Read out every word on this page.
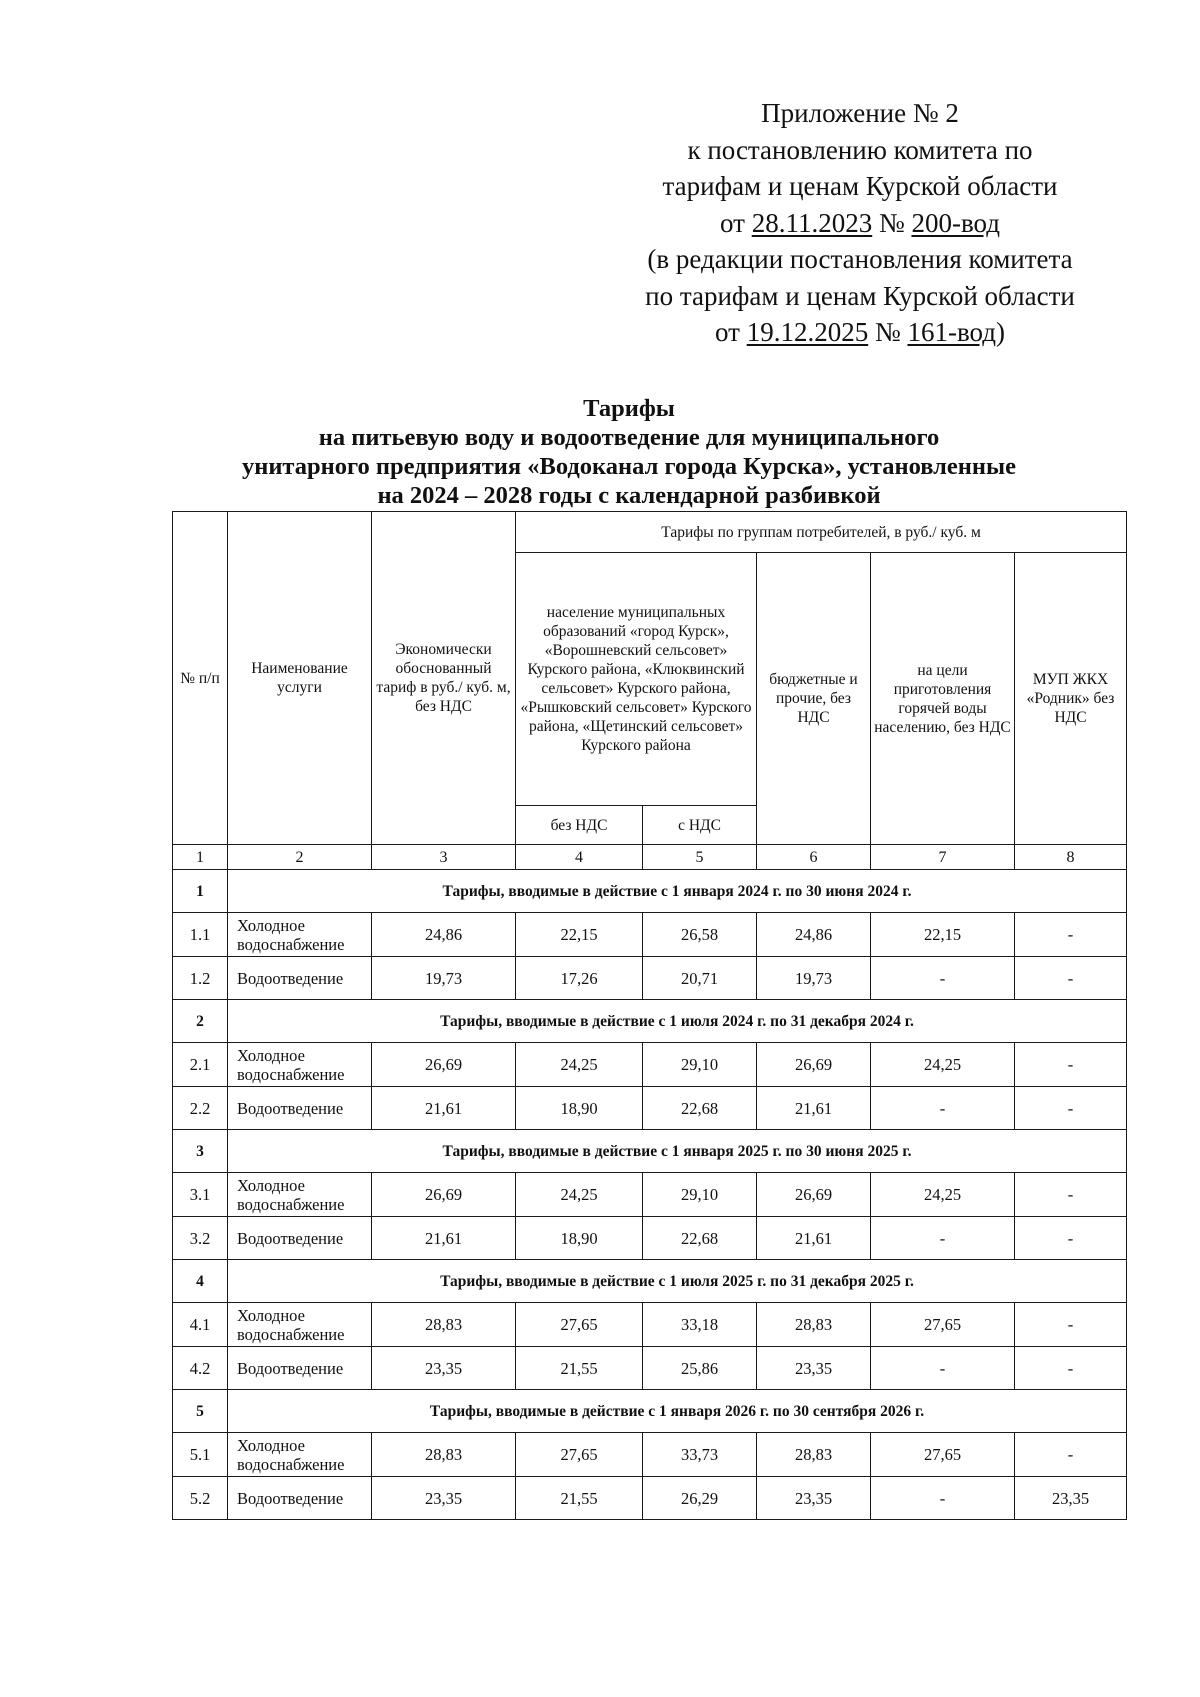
Приложение № 2
к постановлению комитета по
тарифам и ценам Курской области
от 28.11.2023 № 200-вод
(в редакции постановления комитета
по тарифам и ценам Курской области
от 19.12.2025 № 161-вод)
Тарифы
на питьевую воду и водоотведение для муниципального
унитарного предприятия «Водоканал города Курска», установленные
на 2024 – 2028 годы с календарной разбивкой
№ п/п	Наименование услуги	Экономически обоснованный тариф в руб./ куб. м, без НДС	Тарифы по группам потребителей, в руб./ куб. м				
			население муниципальных образований «город Курск», «Ворошневский сельсовет» Курского района, «Клюквинский сельсовет» Курского района, «Рышковский сельсовет» Курского района, «Щетинский сельсовет» Курского района		бюджетные и прочие, без НДС	на цели приготовления горячей воды населению, без НДС	МУП ЖКХ «Родник» без НДС
			без НДС	с НДС			
1	2	3	4	5	6	7	8
1	Тарифы, вводимые в действие с 1 января 2024 г. по 30 июня 2024 г.						
1.1	Холодное водоснабжение	24,86	22,15	26,58	24,86	22,15	-
1.2	Водоотведение	19,73	17,26	20,71	19,73	-	-
2	Тарифы, вводимые в действие с 1 июля 2024 г. по 31 декабря 2024 г.						
2.1	Холодное водоснабжение	26,69	24,25	29,10	26,69	24,25	-
2.2	Водоотведение	21,61	18,90	22,68	21,61	-	-
3	Тарифы, вводимые в действие с 1 января 2025 г. по 30 июня 2025 г.						
3.1	Холодное водоснабжение	26,69	24,25	29,10	26,69	24,25	-
3.2	Водоотведение	21,61	18,90	22,68	21,61	-	-
4	Тарифы, вводимые в действие с 1 июля 2025 г. по 31 декабря 2025 г.						
4.1	Холодное водоснабжение	28,83	27,65	33,18	28,83	27,65	-
4.2	Водоотведение	23,35	21,55	25,86	23,35	-	-
5	Тарифы, вводимые в действие с 1 января 2026 г. по 30 сентября 2026 г.						
5.1	Холодное водоснабжение	28,83	27,65	33,73	28,83	27,65	-
5.2	Водоотведение	23,35	21,55	26,29	23,35	-	23,35
